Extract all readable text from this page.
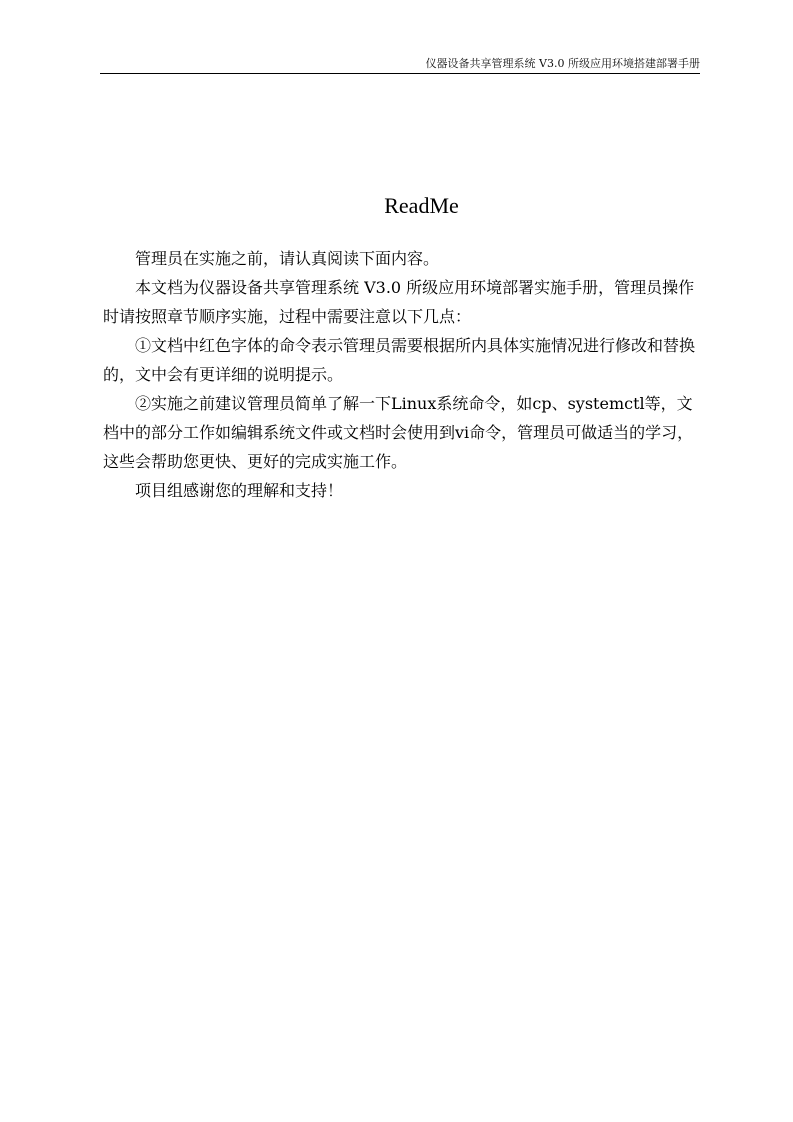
仪器设备共享管理系统 V3.0 所级应用环境搭建部署手册
ReadMe

管理员在实施之前，请认真阅读下面内容。

本文档为仪器设备共享管理系统 V3.0 所级应用环境部署实施手册，管理员操作时请按照章节顺序实施，过程中需要注意以下几点：

①文档中红色字体的命令表示管理员需要根据所内具体实施情况进行修改和替换的，文中会有更详细的说明提示。

②实施之前建议管理员简单了解一下Linux系统命令，如cp、systemctl等，文档中的部分工作如编辑系统文件或文档时会使用到vi命令，管理员可做适当的学习，这些会帮助您更快、更好的完成实施工作。

项目组感谢您的理解和支持！
